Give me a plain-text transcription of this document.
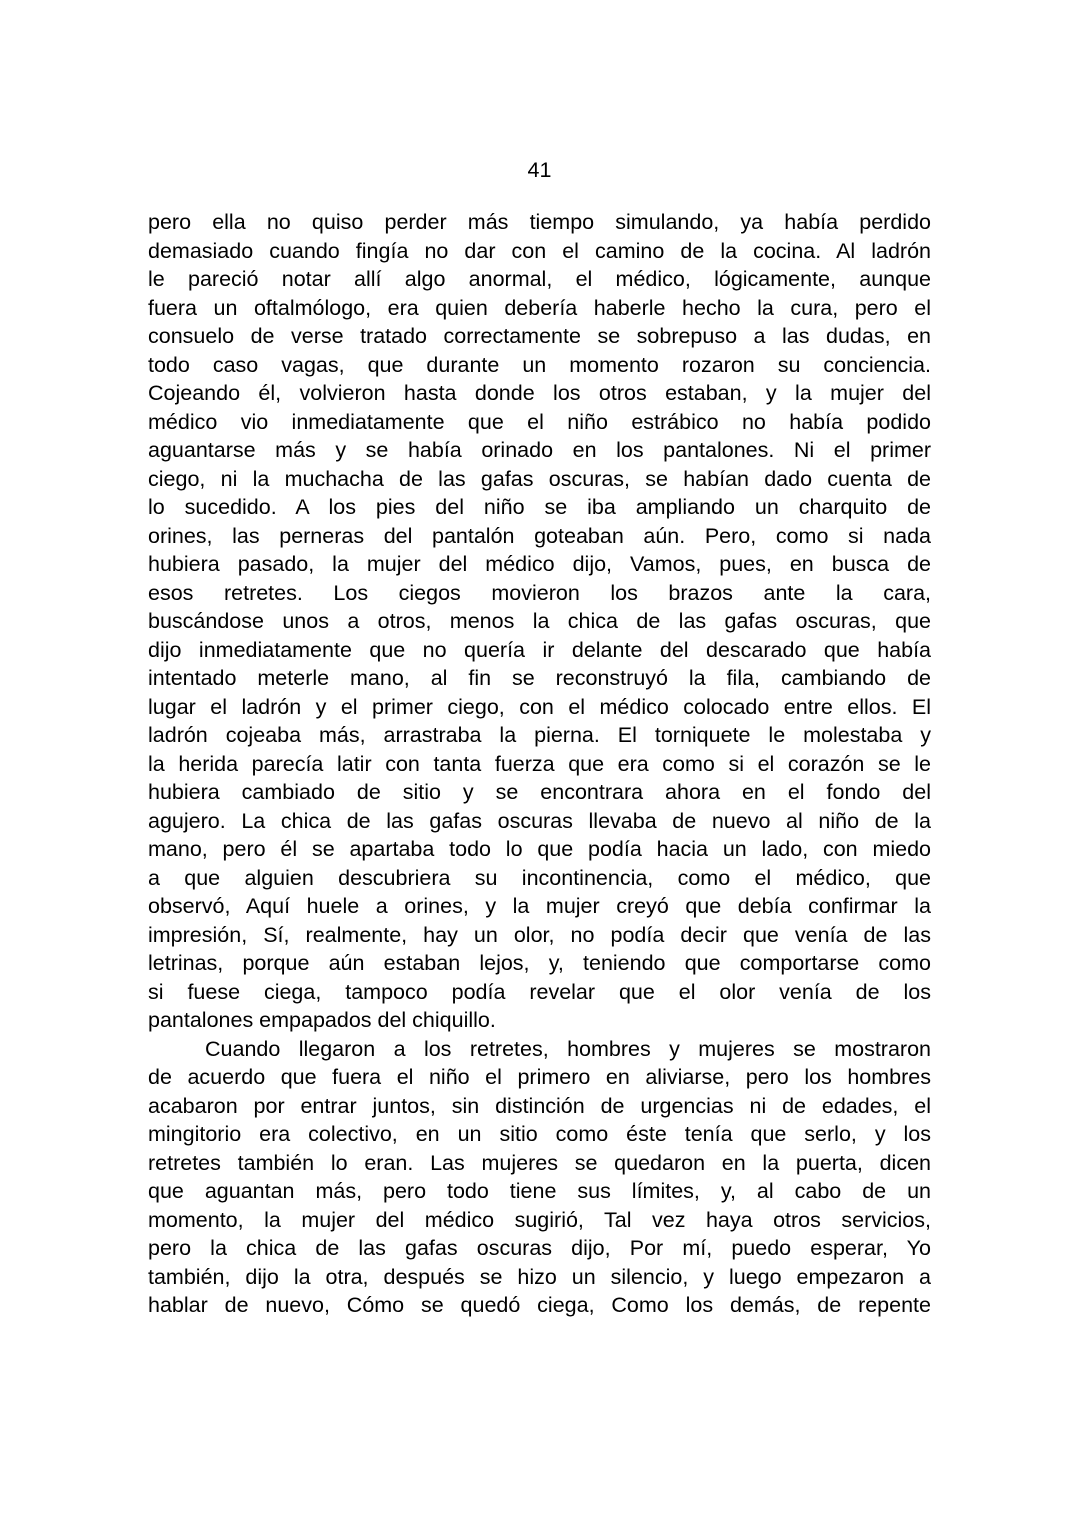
41
pero ella no quiso perder más tiempo simulando, ya había perdido
demasiado cuando fingía no dar con el camino de la cocina. Al ladrón
le pareció notar allí algo anormal, el médico, lógicamente, aunque
fuera un oftalmólogo, era quien debería haberle hecho la cura, pero el
consuelo de verse tratado correctamente se sobrepuso a las dudas, en
todo caso vagas, que durante un momento rozaron su conciencia.
Cojeando él, volvieron hasta donde los otros estaban, y la mujer del
médico vio inmediatamente que el niño estrábico no había podido
aguantarse más y se había orinado en los pantalones. Ni el primer
ciego, ni la muchacha de las gafas oscuras, se habían dado cuenta de
lo sucedido. A los pies del niño se iba ampliando un charquito de
orines, las perneras del pantalón goteaban aún. Pero, como si nada
hubiera pasado, la mujer del médico dijo, Vamos, pues, en busca de
esos retretes. Los ciegos movieron los brazos ante la cara,
buscándose unos a otros, menos la chica de las gafas oscuras, que
dijo inmediatamente que no quería ir delante del descarado que había
intentado meterle mano, al fin se reconstruyó la fila, cambiando de
lugar el ladrón y el primer ciego, con el médico colocado entre ellos. El
ladrón cojeaba más, arrastraba la pierna. El torniquete le molestaba y
la herida parecía latir con tanta fuerza que era como si el corazón se le
hubiera cambiado de sitio y se encontrara ahora en el fondo del
agujero. La chica de las gafas oscuras llevaba de nuevo al niño de la
mano, pero él se apartaba todo lo que podía hacia un lado, con miedo
a que alguien descubriera su incontinencia, como el médico, que
observó, Aquí huele a orines, y la mujer creyó que debía confirmar la
impresión, Sí, realmente, hay un olor, no podía decir que venía de las
letrinas, porque aún estaban lejos, y, teniendo que comportarse como
si fuese ciega, tampoco podía revelar que el olor venía de los
pantalones empapados del chiquillo.
Cuando llegaron a los retretes, hombres y mujeres se mostraron
de acuerdo que fuera el niño el primero en aliviarse, pero los hombres
acabaron por entrar juntos, sin distinción de urgencias ni de edades, el
mingitorio era colectivo, en un sitio como éste tenía que serlo, y los
retretes también lo eran. Las mujeres se quedaron en la puerta, dicen
que aguantan más, pero todo tiene sus límites, y, al cabo de un
momento, la mujer del médico sugirió, Tal vez haya otros servicios,
pero la chica de las gafas oscuras dijo, Por mí, puedo esperar, Yo
también, dijo la otra, después se hizo un silencio, y luego empezaron a
hablar de nuevo, Cómo se quedó ciega, Como los demás, de repente
